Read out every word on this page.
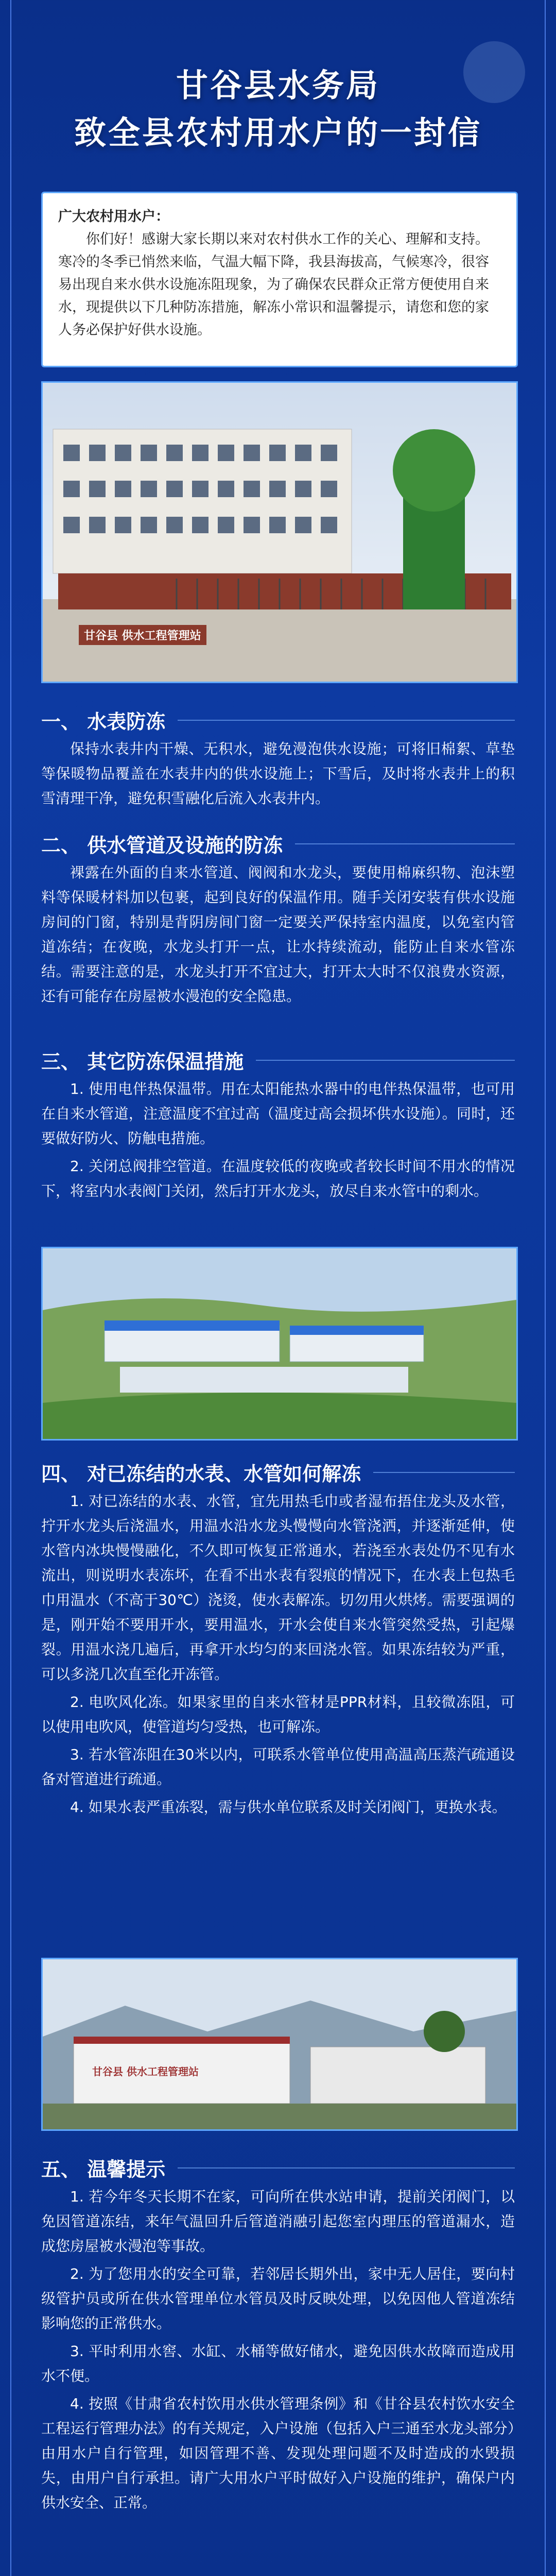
甘谷县水务局
致全县农村用水户的一封信
广大农村用水户：
你们好！感谢大家长期以来对农村供水工作的关心、理解和支持。寒冷的冬季已悄然来临，气温大幅下降，我县海拔高，气候寒冷，很容易出现自来水供水设施冻阻现象，为了确保农民群众正常方便使用自来水，现提供以下几种防冻措施，解冻小常识和温馨提示，请您和您的家人务必保护好供水设施。
甘谷县 供水工程管理站
一、 水表防冻

保持水表井内干燥、无积水，避免漫泡供水设施；可将旧棉絮、草垫等保暖物品覆盖在水表井内的供水设施上；下雪后，及时将水表井上的积雪清理干净，避免积雪融化后流入水表井内。

二、 供水管道及设施的防冻

裸露在外面的自来水管道、阀阀和水龙头，要使用棉麻织物、泡沫塑料等保暖材料加以包裹，起到良好的保温作用。随手关闭安装有供水设施房间的门窗，特别是背阴房间门窗一定要关严保持室内温度，以免室内管道冻结；在夜晚，水龙头打开一点，让水持续流动，能防止自来水管冻结。需要注意的是，水龙头打开不宜过大，打开太大时不仅浪费水资源，还有可能存在房屋被水漫泡的安全隐患。

三、 其它防冻保温措施

1. 使用电伴热保温带。用在太阳能热水器中的电伴热保温带，也可用在自来水管道，注意温度不宜过高（温度过高会损坏供水设施）。同时，还要做好防火、防触电措施。

2. 关闭总阀排空管道。在温度较低的夜晚或者较长时间不用水的情况下，将室内水表阀门关闭，然后打开水龙头，放尽自来水管中的剩水。

四、 对已冻结的水表、水管如何解冻

1. 对已冻结的水表、水管，宜先用热毛巾或者湿布捂住龙头及水管，拧开水龙头后浇温水，用温水沿水龙头慢慢向水管浇洒，并逐渐延伸，使水管内冰块慢慢融化，不久即可恢复正常通水，若浇至水表处仍不见有水流出，则说明水表冻坏，在看不出水表有裂痕的情况下，在水表上包热毛巾用温水（不高于30℃）浇烫，使水表解冻。切勿用火烘烤。需要强调的是，刚开始不要用开水，要用温水，开水会使自来水管突然受热，引起爆裂。用温水浇几遍后，再拿开水均匀的来回浇水管。如果冻结较为严重，可以多浇几次直至化开冻管。

2. 电吹风化冻。如果家里的自来水管材是PPR材料，且较微冻阻，可以使用电吹风，使管道均匀受热，也可解冻。

3. 若水管冻阻在30米以内，可联系水管单位使用高温高压蒸汽疏通设备对管道进行疏通。

4. 如果水表严重冻裂，需与供水单位联系及时关闭阀门，更换水表。

甘谷县 供水工程管理站
五、 温馨提示

1. 若今年冬天长期不在家，可向所在供水站申请，提前关闭阀门，以免因管道冻结，来年气温回升后管道消融引起您室内理压的管道漏水，造成您房屋被水漫泡等事故。

2. 为了您用水的安全可靠，若邻居长期外出，家中无人居住，要向村级管护员或所在供水管理单位水管员及时反映处理，以免因他人管道冻结影响您的正常供水。

3. 平时利用水窖、水缸、水桶等做好储水，避免因供水故障而造成用水不便。

4. 按照《甘肃省农村饮用水供水管理条例》和《甘谷县农村饮水安全工程运行管理办法》的有关规定，入户设施（包括入户三通至水龙头部分）由用水户自行管理，如因管理不善、发现处理问题不及时造成的水毁损失，由用户自行承担。请广大用水户平时做好入户设施的维护，确保户内供水安全、正常。
